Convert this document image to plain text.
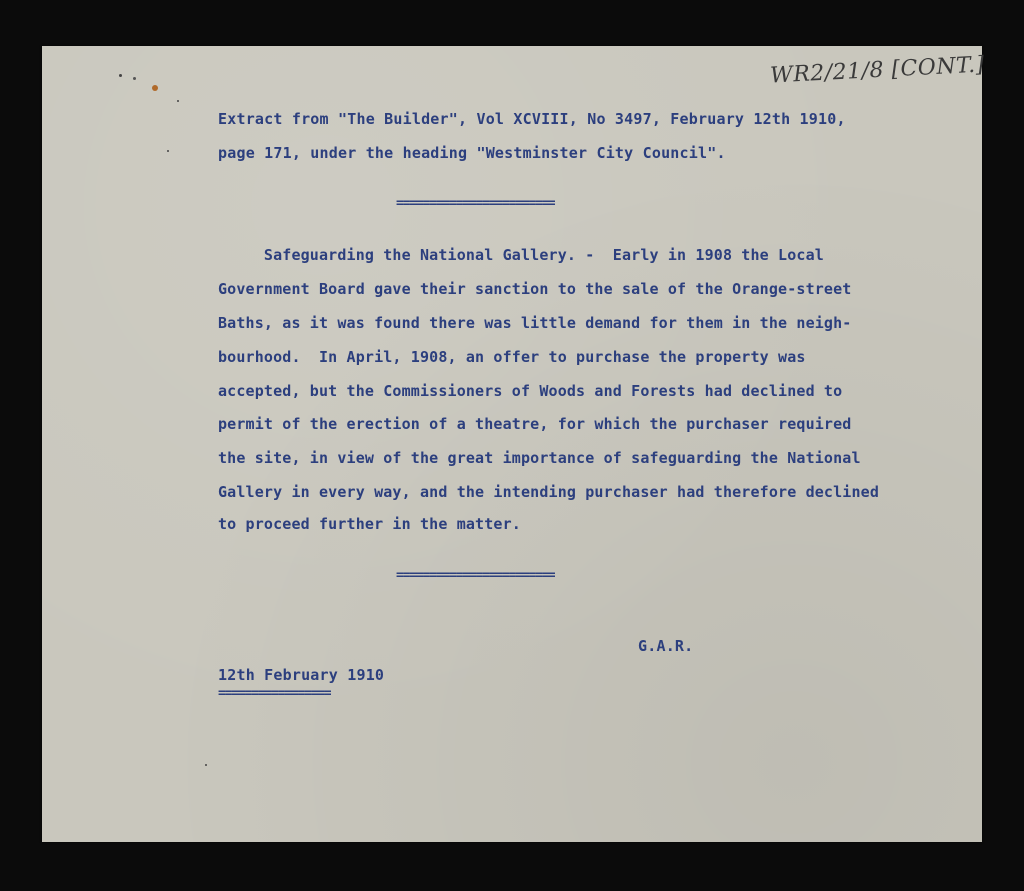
WR2/21/8 [CONT.]
Extract from "The Builder", Vol XCVIII, No 3497, February 12th 1910,
page 171, under the heading "Westminster City Council".
========================
Safeguarding the National Gallery. -  Early in 1908 the Local
Government Board gave their sanction to the sale of the Orange-street
Baths, as it was found there was little demand for them in the neigh-
bourhood.  In April, 1908, an offer to purchase the property was
accepted, but the Commissioners of Woods and Forests had declined to
permit of the erection of a theatre, for which the purchaser required
the site, in view of the great importance of safeguarding the National
Gallery in every way, and the intending purchaser had therefore declined
to proceed further in the matter.
========================
G.A.R.
12th February 1910
=================
